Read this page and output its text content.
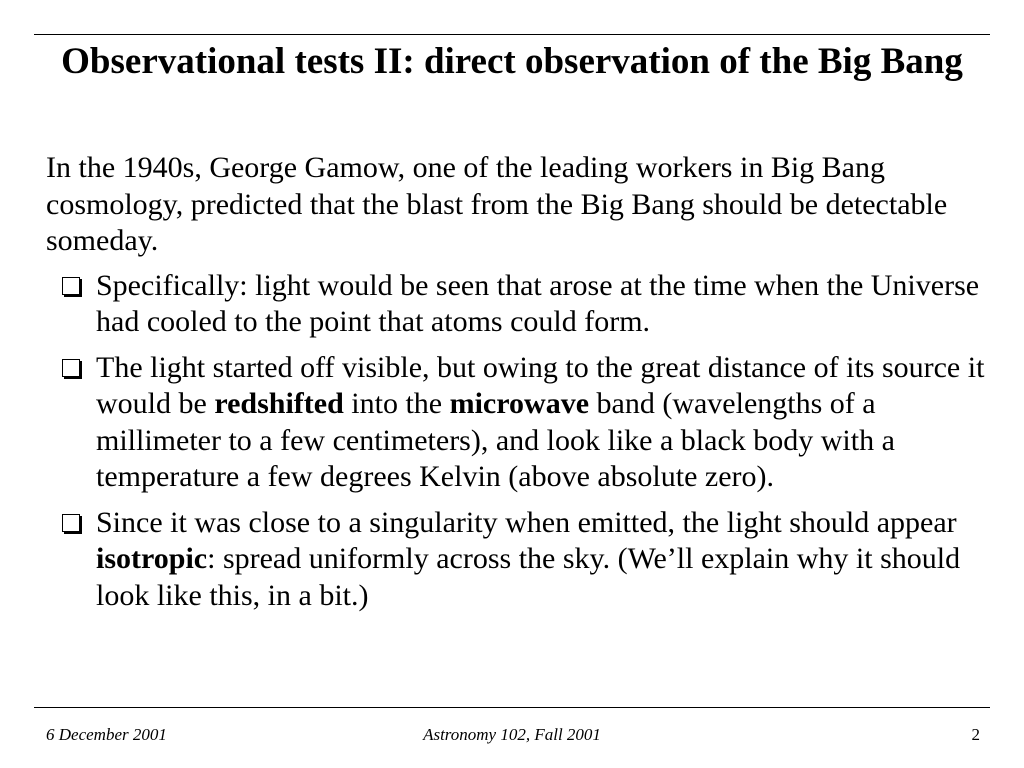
Observational tests II: direct observation of the Big Bang

In the 1940s, George Gamow, one of the leading workers in Big Bang cosmology, predicted that the blast from the Big Bang should be detectable someday.

Specifically: light would be seen that arose at the time when the Universe had cooled to the point that atoms could form.
The light started off visible, but owing to the great distance of its source it would be redshifted into the microwave band (wavelengths of a millimeter to a few centimeters), and look like a black body with a temperature a few degrees Kelvin (above absolute zero).
Since it was close to a singularity when emitted, the light should appear isotropic: spread uniformly across the sky. (We’ll explain why it should look like this, in a bit.)
6 December 2001	Astronomy 102, Fall 2001	2
